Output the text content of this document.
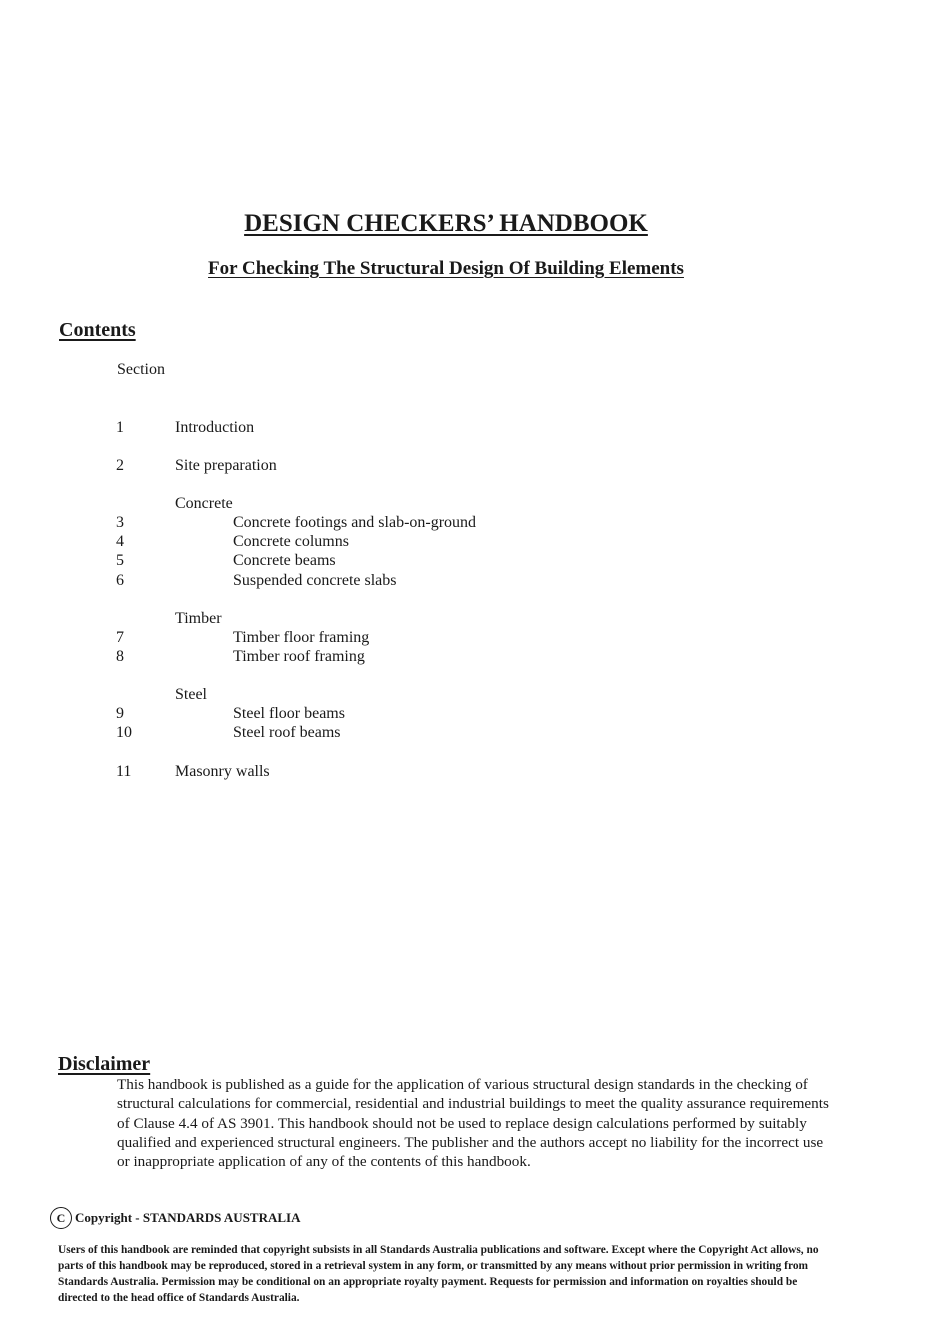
DESIGN CHECKERS’ HANDBOOK
For Checking The Structural Design Of Building Elements
Contents
Section
1	Introduction
2	Site preparation
Concrete
3	Concrete footings and slab-on-ground
4	Concrete columns
5	Concrete beams
6	Suspended concrete slabs
Timber
7	Timber floor framing
8	Timber roof framing
Steel
9	Steel floor beams
10	Steel roof beams
11	Masonry walls
Disclaimer
This handbook is published as a guide for the application of various structural design standards in the checking of structural calculations for commercial, residential and industrial buildings to meet the quality assurance requirements of Clause 4.4 of AS 3901. This handbook should not be used to replace design calculations performed by suitably qualified and experienced structural engineers. The publisher and the authors accept no liability for the incorrect use or inappropriate application of any of the contents of this handbook.
C Copyright - STANDARDS AUSTRALIA
Users of this handbook are reminded that copyright subsists in all Standards Australia publications and software. Except where the Copyright Act allows, no parts of this handbook may be reproduced, stored in a retrieval system in any form, or transmitted by any means without prior permission in writing from Standards Australia. Permission may be conditional on an appropriate royalty payment. Requests for permission and information on royalties should be directed to the head office of Standards Australia.
